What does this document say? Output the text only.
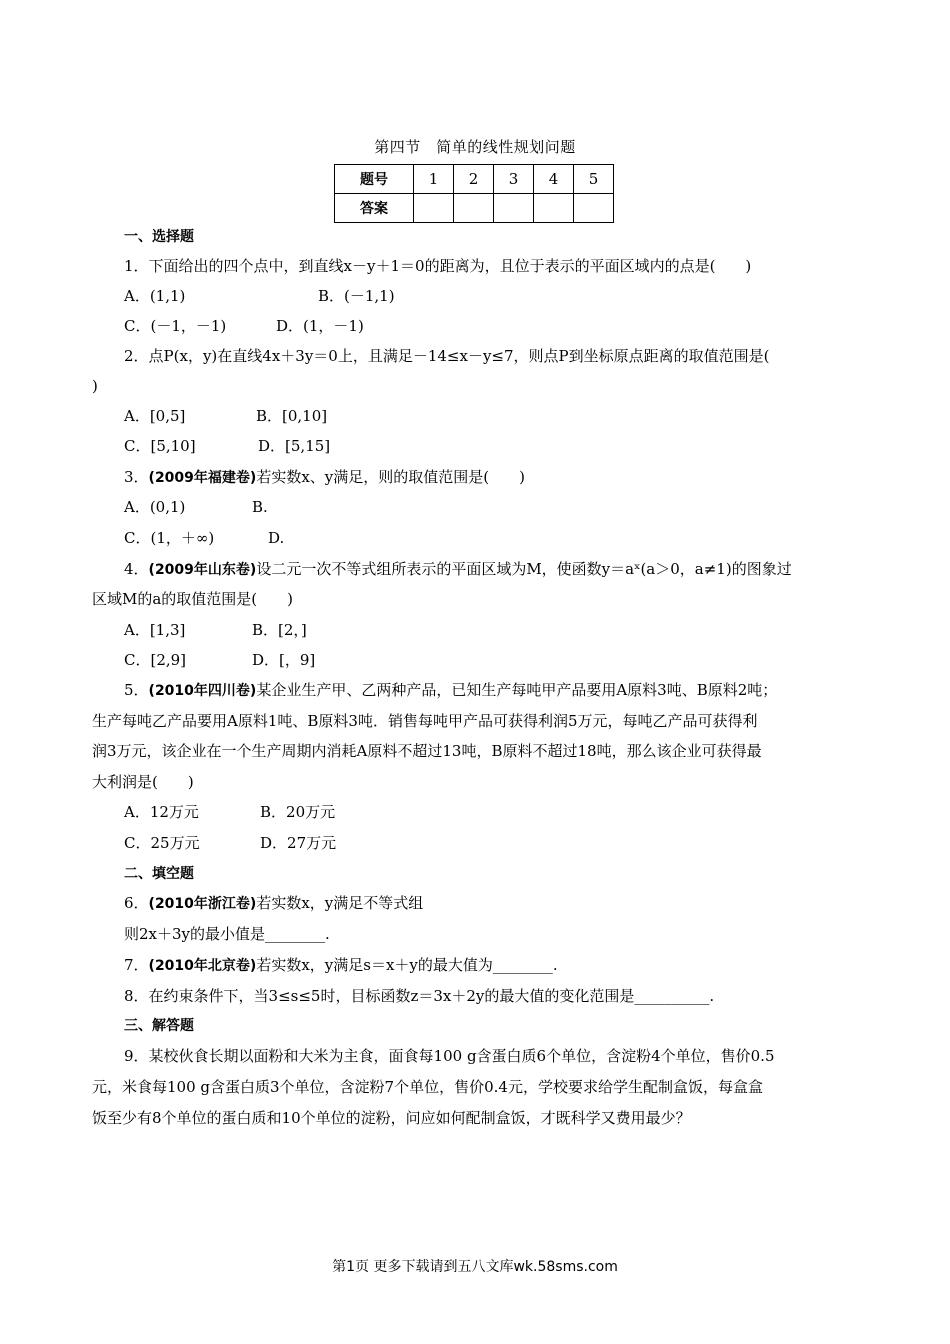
第四节　简单的线性规划问题
题号	1	2	3	4	5
答案					
一、选择题
1．下面给出的四个点中，到直线x－y＋1＝0的距离为，且位于表示的平面区域内的点是(　　)
A．(1,1)	B．(－1,1)
C．(－1，－1)	D．(1，－1)
2．点P(x，y)在直线4x＋3y＝0上，且满足－14≤x－y≤7，则点P到坐标原点距离的取值范围是(
)
A．[0,5]	B．[0,10]
C．[5,10]	D．[5,15]
3．(2009年福建卷)若实数x、y满足，则的取值范围是(　　)
A．(0,1)	B.
C．(1，＋∞)	D.
4．(2009年山东卷)设二元一次不等式组所表示的平面区域为M，使函数y＝aˣ(a＞0，a≠1)的图象过
区域M的a的取值范围是(　　)
A．[1,3]	B．[2，]
C．[2,9]	D．[，9]
5．(2010年四川卷)某企业生产甲、乙两种产品，已知生产每吨甲产品要用A原料3吨、B原料2吨；
生产每吨乙产品要用A原料1吨、B原料3吨．销售每吨甲产品可获得利润5万元，每吨乙产品可获得利
润3万元，该企业在一个生产周期内消耗A原料不超过13吨，B原料不超过18吨，那么该企业可获得最
大利润是(　　)
A．12万元	B．20万元
C．25万元	D．27万元
二、填空题
6．(2010年浙江卷)若实数x，y满足不等式组
则2x＋3y的最小值是________.
7．(2010年北京卷)若实数x，y满足s＝x＋y的最大值为________.
8．在约束条件下，当3≤s≤5时，目标函数z＝3x＋2y的最大值的变化范围是__________.
三、解答题
9．某校伙食长期以面粉和大米为主食，面食每100 g含蛋白质6个单位，含淀粉4个单位，售价0.5
元，米食每100 g含蛋白质3个单位，含淀粉7个单位，售价0.4元，学校要求给学生配制盒饭，每盒盒
饭至少有8个单位的蛋白质和10个单位的淀粉，问应如何配制盒饭，才既科学又费用最少？
第1页 更多下载请到五八文库wk.58sms.com
